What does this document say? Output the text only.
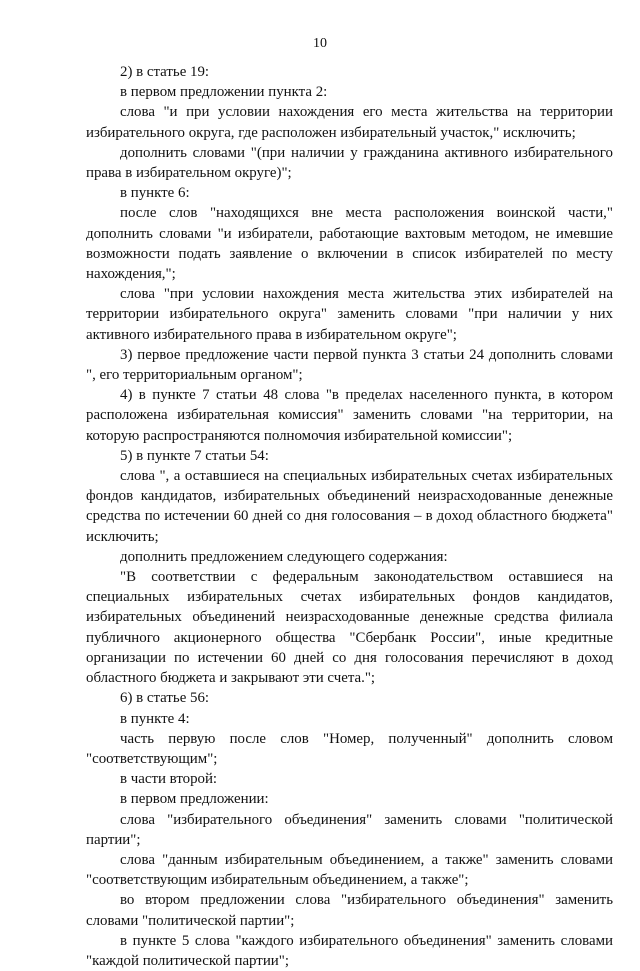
10

2) в статье 19:

в первом предложении пункта 2:

слова "и при условии нахождения его места жительства на территории избирательного округа, где расположен избирательный участок," исключить;

дополнить словами "(при наличии у гражданина активного избирательного права в избирательном округе)";

в пункте 6:

после слов "находящихся вне места расположения воинской части," дополнить словами "и избиратели, работающие вахтовым методом, не имевшие возможности подать заявление о включении в список избирателей по месту нахождения,";

слова "при условии нахождения места жительства этих избирателей на территории избирательного округа" заменить словами "при наличии у них активного избирательного права в избирательном округе";

3) первое предложение части первой пункта 3 статьи 24 дополнить словами ", его территориальным органом";

4) в пункте 7 статьи 48 слова "в пределах населенного пункта, в котором расположена избирательная комиссия" заменить словами "на территории, на которую распространяются полномочия избирательной комиссии";

5) в пункте 7 статьи 54:

слова ", а оставшиеся на специальных избирательных счетах избирательных фондов кандидатов, избирательных объединений неизрасходованные денежные средства по истечении 60 дней со дня голосования – в доход областного бюджета" исключить;

дополнить предложением следующего содержания:

"В соответствии с федеральным законодательством оставшиеся на специальных избирательных счетах избирательных фондов кандидатов, избирательных объединений неизрасходованные денежные средства филиала публичного акционерного общества "Сбербанк России", иные кредитные организации по истечении 60 дней со дня голосования перечисляют в доход областного бюджета и закрывают эти счета.";

6) в статье 56:

в пункте 4:

часть первую после слов "Номер, полученный" дополнить словом "соответствующим";

в части второй:

в первом предложении:

слова "избирательного объединения" заменить словами "политической партии";

слова "данным избирательным объединением, а также" заменить словами "соответствующим избирательным объединением, а также";

во втором предложении слова "избирательного объединения" заменить словами "политической партии";

в пункте 5 слова "каждого избирательного объединения" заменить словами "каждой политической партии";
